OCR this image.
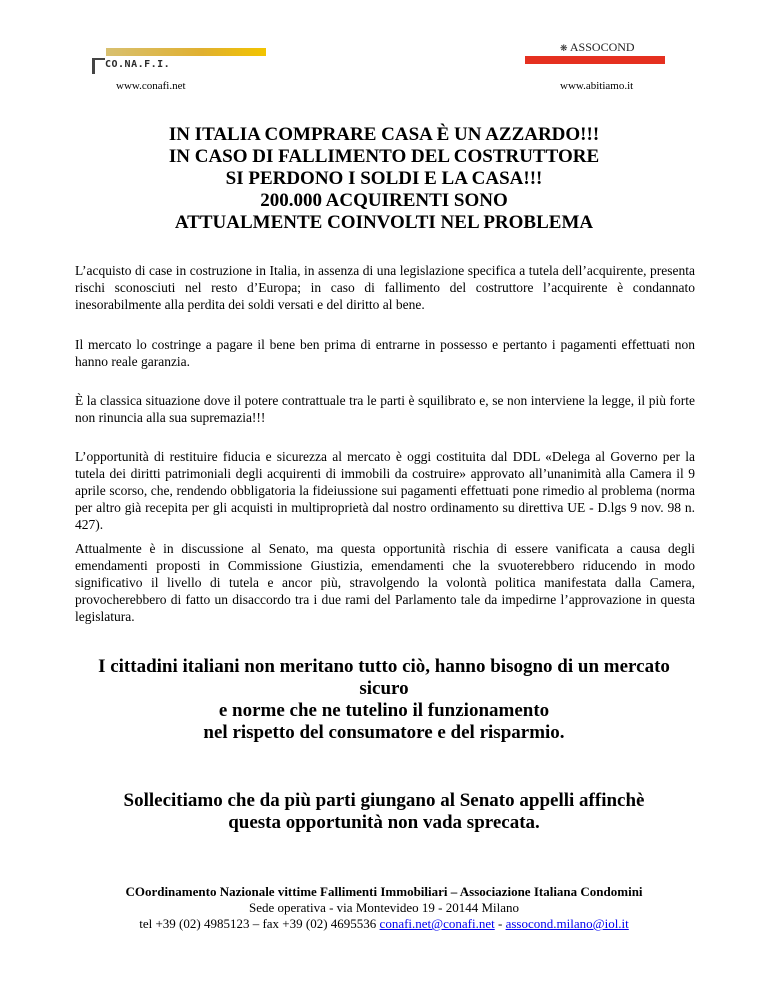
CO.NA.F.I.
www.conafi.net
❋ ASSOCOND
www.abitiamo.it
IN ITALIA COMPRARE CASA È UN AZZARDO!!!
IN CASO DI FALLIMENTO DEL COSTRUTTORE
SI PERDONO I SOLDI E LA CASA!!!
200.000 ACQUIRENTI SONO
ATTUALMENTE COINVOLTI NEL PROBLEMA
L’acquisto di case in costruzione in Italia, in assenza di una legislazione specifica a tutela dell’acquirente, presenta rischi sconosciuti nel resto d’Europa; in caso di fallimento del costruttore l’acquirente è condannato inesorabilmente alla perdita dei soldi versati e del diritto al bene.
Il mercato lo costringe a pagare il bene ben prima di entrarne in possesso e pertanto i pagamenti effettuati non hanno reale garanzia.
È la classica situazione dove il potere contrattuale tra le parti è squilibrato e, se non interviene la legge, il più forte non rinuncia alla sua supremazia!!!
L’opportunità di restituire fiducia e sicurezza al mercato è oggi costituita dal DDL «Delega al Governo per la tutela dei diritti patrimoniali degli acquirenti di immobili da costruire» approvato all’unanimità alla Camera il 9 aprile scorso, che, rendendo obbligatoria la fideiussione sui pagamenti effettuati pone rimedio al problema (norma per altro già recepita per gli acquisti in multiproprietà dal nostro ordinamento su direttiva UE - D.lgs 9 nov. 98 n. 427).
Attualmente è in discussione al Senato, ma questa opportunità rischia di essere vanificata a causa degli emendamenti proposti in Commissione Giustizia, emendamenti che la svuoterebbero riducendo in modo significativo il livello di tutela e ancor più, stravolgendo la volontà politica manifestata dalla Camera, provocherebbero di fatto un disaccordo tra i due rami del Parlamento tale da impedirne l’approvazione in questa legislatura.
I cittadini italiani non meritano tutto ciò, hanno bisogno di un mercato
sicuro
e norme che ne tutelino il funzionamento
nel rispetto del consumatore e del risparmio.
Sollecitiamo che da più parti giungano al Senato appelli affinchè
questa opportunità non vada sprecata.
COordinamento Nazionale vittime Fallimenti Immobiliari – Associazione Italiana Condomini
Sede operativa - via Montevideo 19 - 20144 Milano
tel +39 (02) 4985123 – fax +39 (02) 4695536 conafi.net@conafi.net - assocond.milano@iol.it
